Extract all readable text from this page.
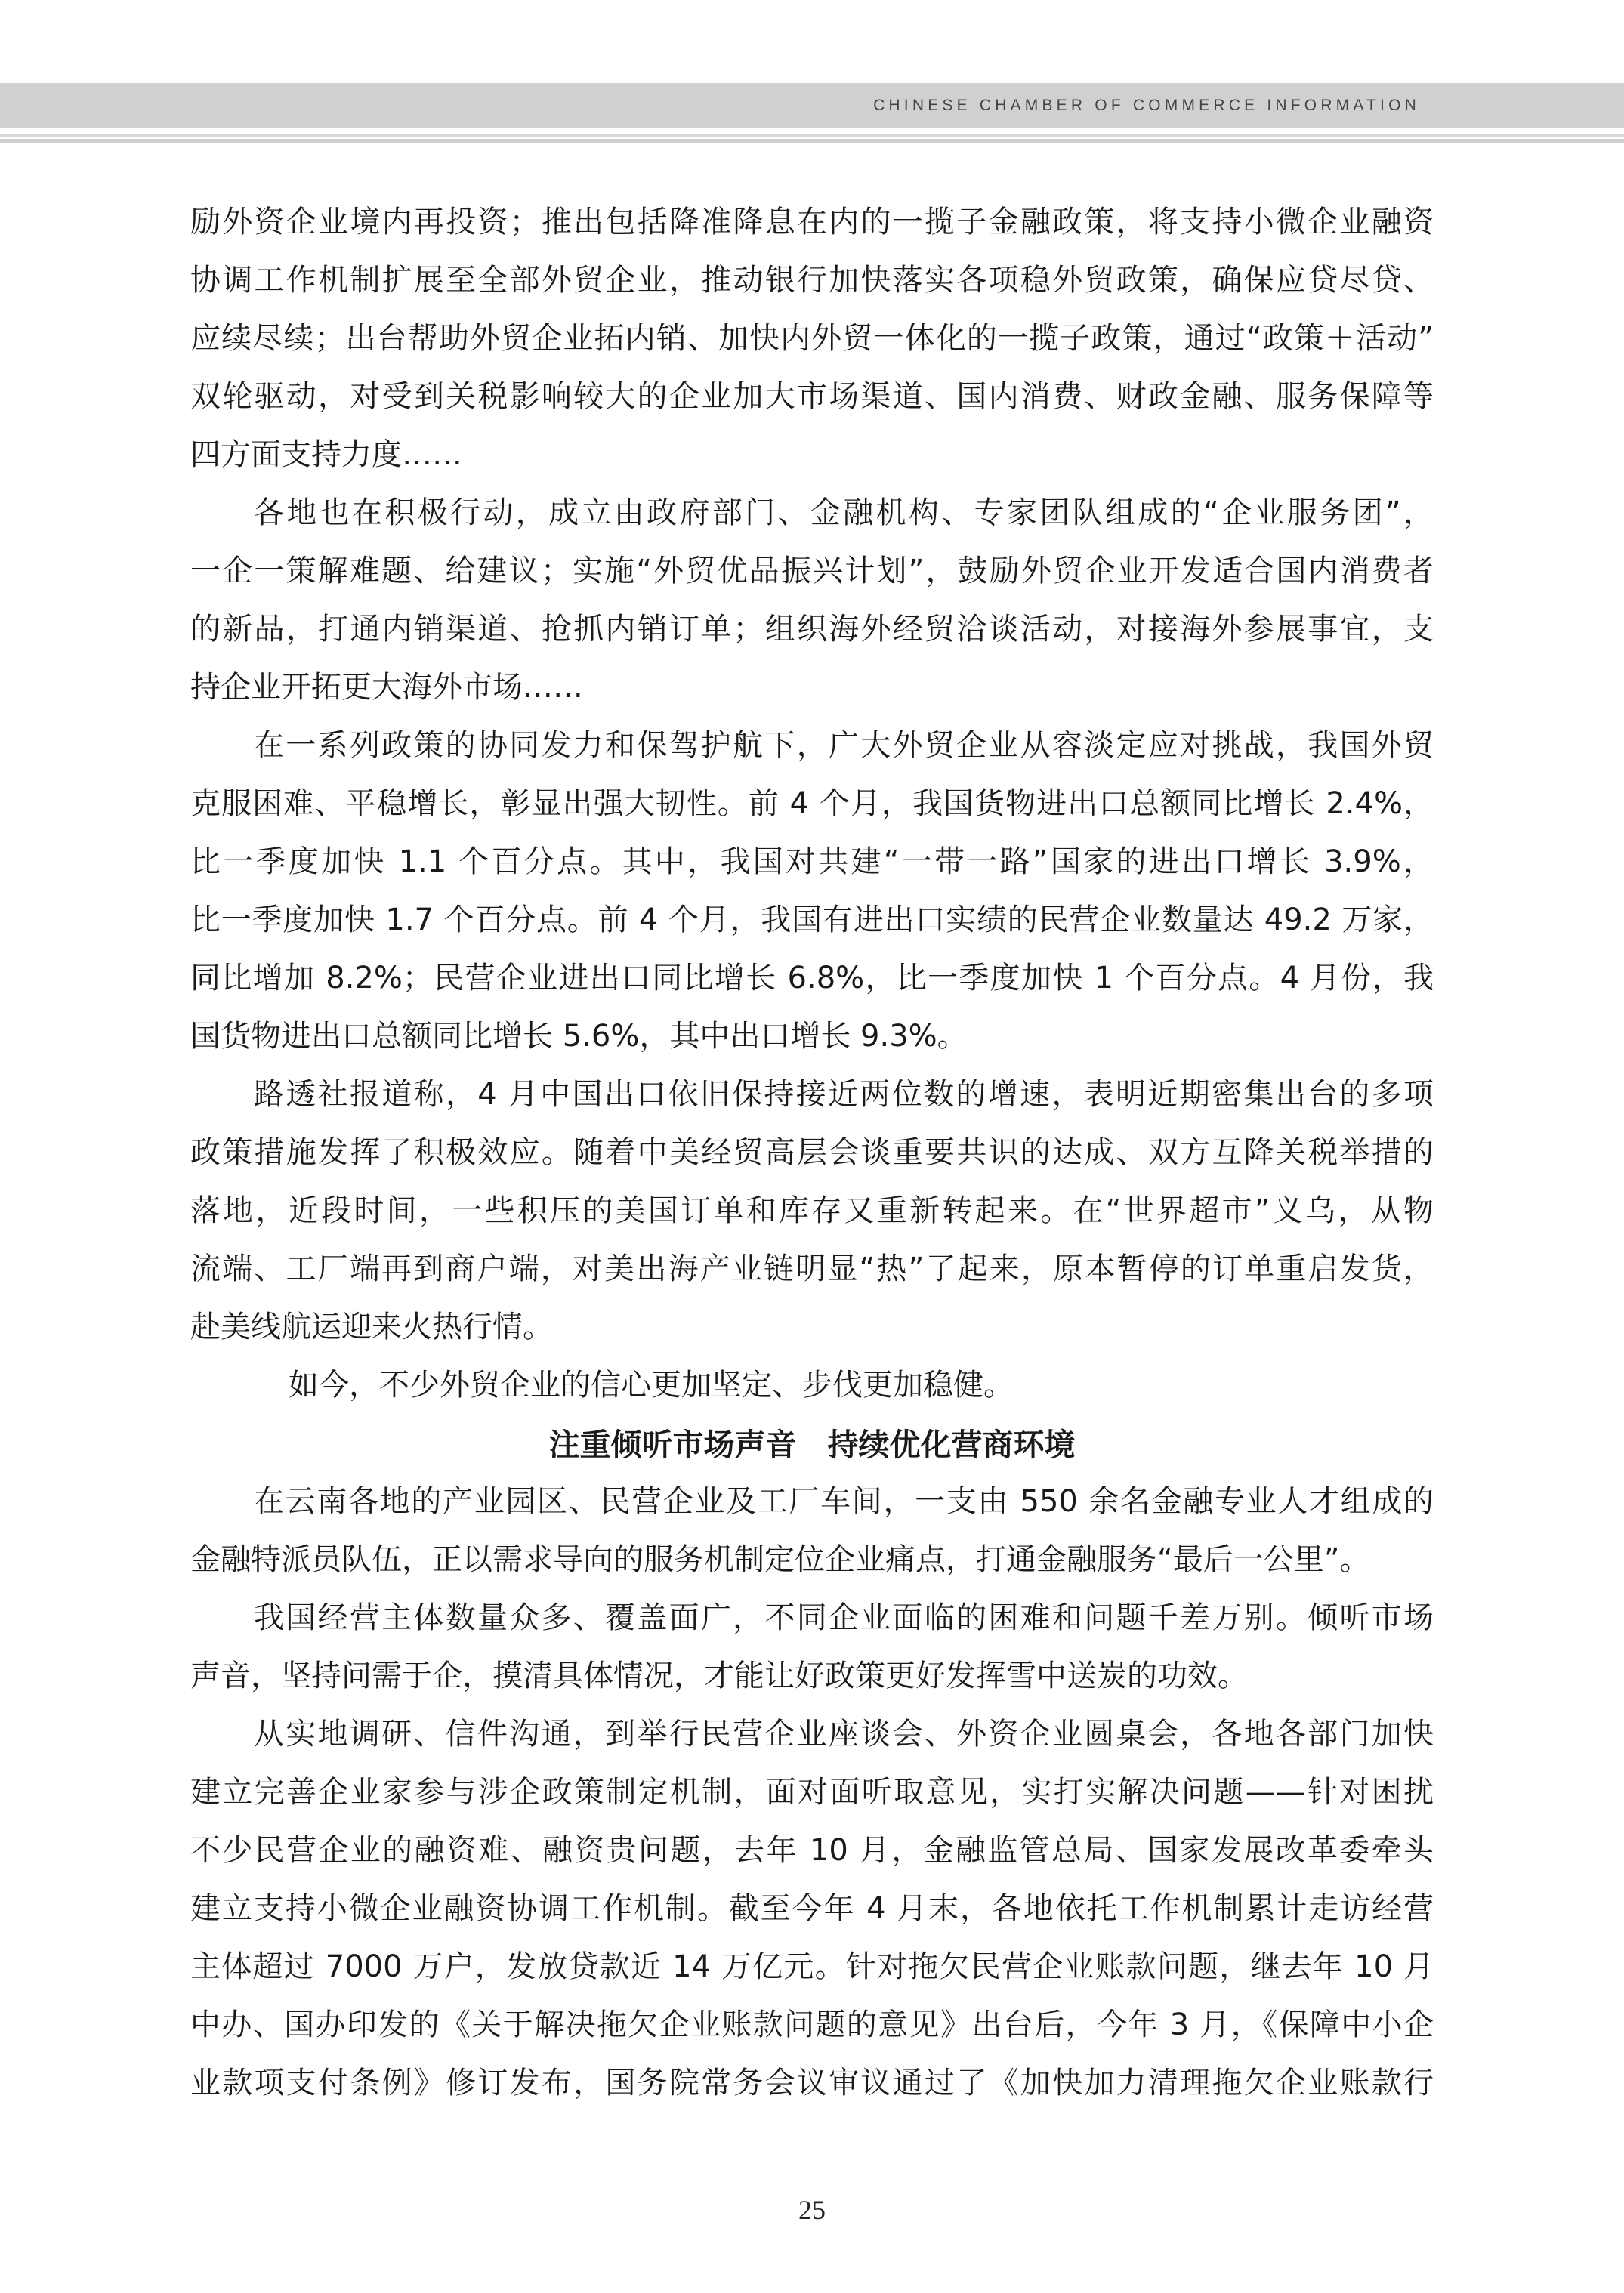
CHINESE CHAMBER OF COMMERCE INFORMATION
励外资企业境内再投资；推出包括降准降息在内的一揽子金融政策，将支持小微企业融资
协调工作机制扩展至全部外贸企业，推动银行加快落实各项稳外贸政策，确保应贷尽贷、
应续尽续；出台帮助外贸企业拓内销、加快内外贸一体化的一揽子政策，通过“政策＋活动”
双轮驱动，对受到关税影响较大的企业加大市场渠道、国内消费、财政金融、服务保障等
四方面支持力度……
各地也在积极行动，成立由政府部门、金融机构、专家团队组成的“企业服务团”，
一企一策解难题、给建议；实施“外贸优品振兴计划”，鼓励外贸企业开发适合国内消费者
的新品，打通内销渠道、抢抓内销订单；组织海外经贸洽谈活动，对接海外参展事宜，支
持企业开拓更大海外市场……
在一系列政策的协同发力和保驾护航下，广大外贸企业从容淡定应对挑战，我国外贸
克服困难、平稳增长，彰显出强大韧性。前 4 个月，我国货物进出口总额同比增长 2.4%，
比一季度加快 1.1 个百分点。其中，我国对共建“一带一路”国家的进出口增长 3.9%，
比一季度加快 1.7 个百分点。前 4 个月，我国有进出口实绩的民营企业数量达 49.2 万家，
同比增加 8.2%；民营企业进出口同比增长 6.8%，比一季度加快 1 个百分点。4 月份，我
国货物进出口总额同比增长 5.6%，其中出口增长 9.3%。
路透社报道称，4 月中国出口依旧保持接近两位数的增速，表明近期密集出台的多项
政策措施发挥了积极效应。随着中美经贸高层会谈重要共识的达成、双方互降关税举措的
落地，近段时间，一些积压的美国订单和库存又重新转起来。在“世界超市”义乌，从物
流端、工厂端再到商户端，对美出海产业链明显“热”了起来，原本暂停的订单重启发货，
赴美线航运迎来火热行情。
如今，不少外贸企业的信心更加坚定、步伐更加稳健。
注重倾听市场声音　持续优化营商环境
在云南各地的产业园区、民营企业及工厂车间，一支由 550 余名金融专业人才组成的
金融特派员队伍，正以需求导向的服务机制定位企业痛点，打通金融服务“最后一公里”。
我国经营主体数量众多、覆盖面广，不同企业面临的困难和问题千差万别。倾听市场
声音，坚持问需于企，摸清具体情况，才能让好政策更好发挥雪中送炭的功效。
从实地调研、信件沟通，到举行民营企业座谈会、外资企业圆桌会，各地各部门加快
建立完善企业家参与涉企政策制定机制，面对面听取意见，实打实解决问题——针对困扰
不少民营企业的融资难、融资贵问题，去年 10 月，金融监管总局、国家发展改革委牵头
建立支持小微企业融资协调工作机制。截至今年 4 月末，各地依托工作机制累计走访经营
主体超过 7000 万户，发放贷款近 14 万亿元。针对拖欠民营企业账款问题，继去年 10 月
中办、国办印发的《关于解决拖欠企业账款问题的意见》出台后，今年 3 月，《保障中小企
业款项支付条例》修订发布，国务院常务会议审议通过了《加快加力清理拖欠企业账款行
25
